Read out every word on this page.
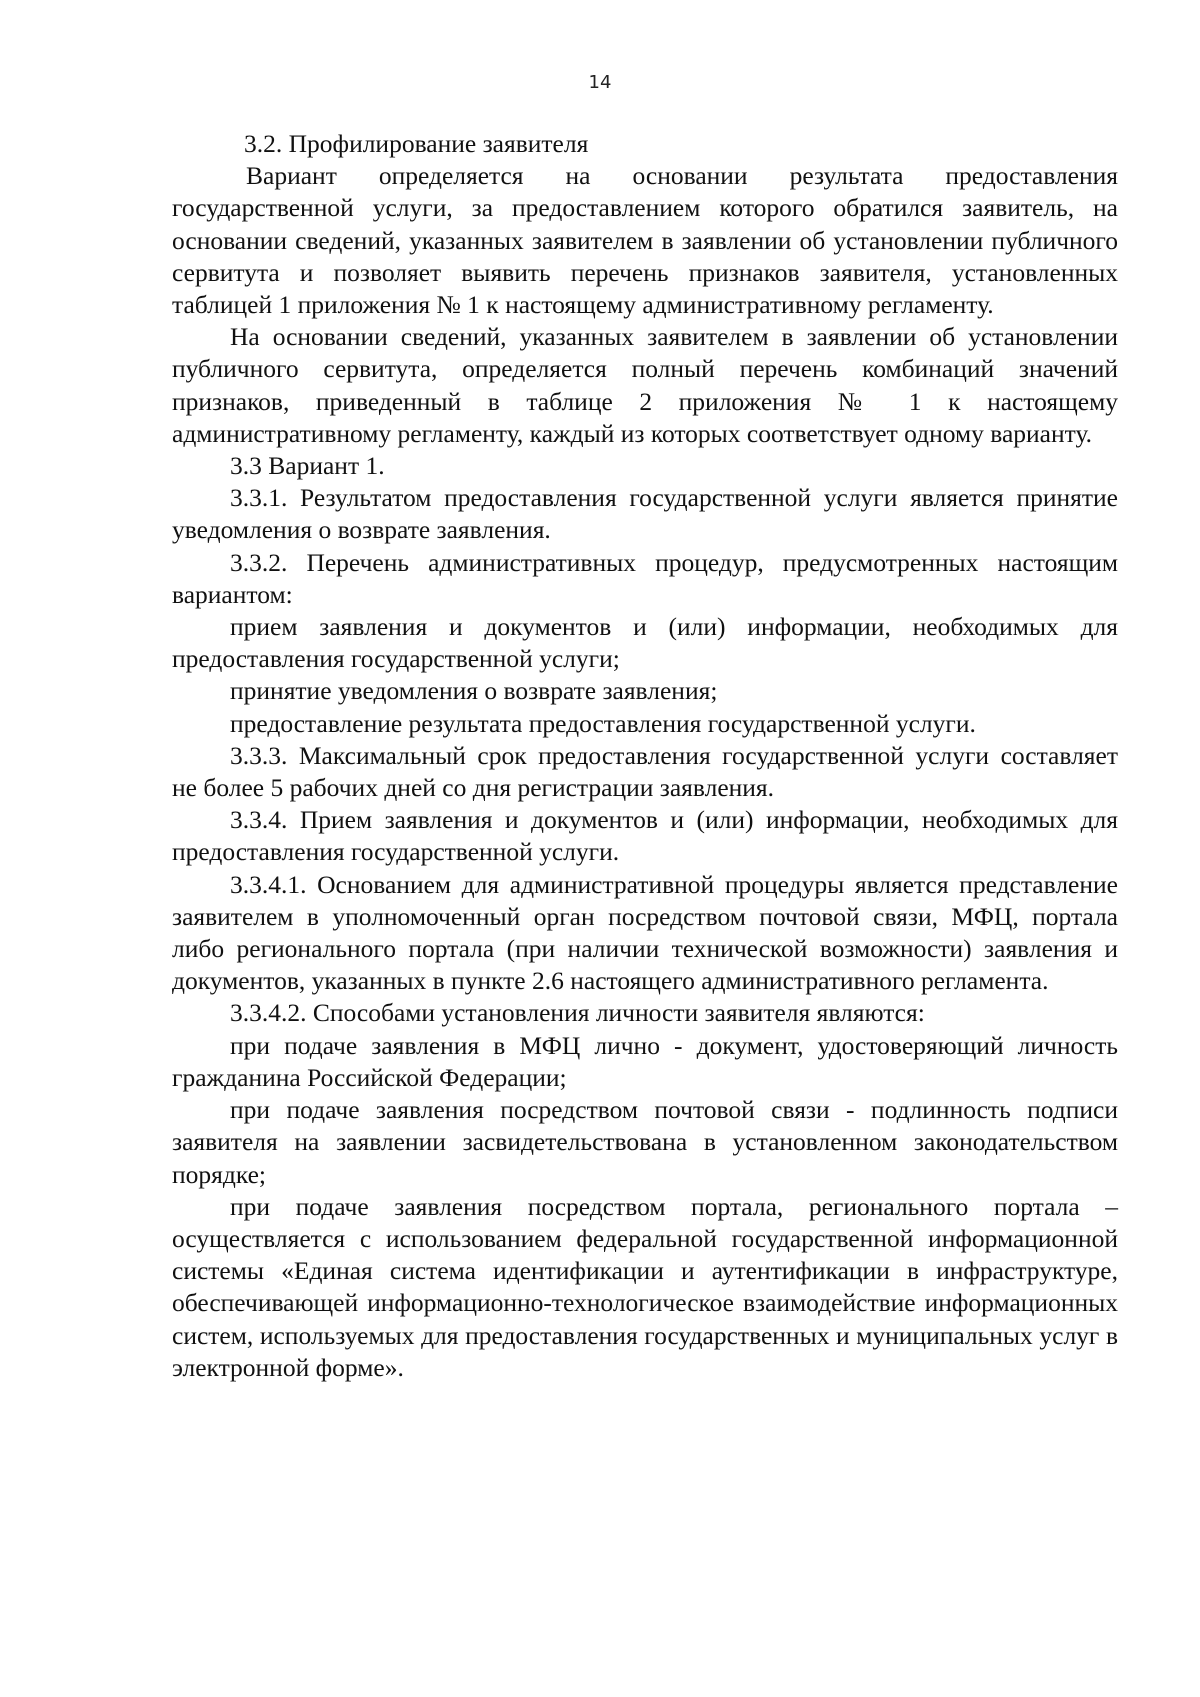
14

3.2. Профилирование заявителя

Вариант определяется на основании результата предоставления государственной услуги, за предоставлением которого обратился заявитель, на основании сведений, указанных заявителем в заявлении об установлении публичного сервитута и позволяет выявить перечень признаков заявителя, установленных таблицей 1 приложения № 1 к настоящему административному регламенту.

На основании сведений, указанных заявителем в заявлении об установлении публичного сервитута, определяется полный перечень комбинаций значений признаков, приведенный в таблице 2 приложения № 1 к настоящему административному регламенту, каждый из которых соответствует одному варианту.

3.3 Вариант 1.

3.3.1. Результатом предоставления государственной услуги является принятие уведомления о возврате заявления.

3.3.2. Перечень административных процедур, предусмотренных настоящим вариантом:

прием заявления и документов и (или) информации, необходимых для предоставления государственной услуги;

принятие уведомления о возврате заявления;

предоставление результата предоставления государственной услуги.

3.3.3. Максимальный срок предоставления государственной услуги составляет не более 5 рабочих дней со дня регистрации заявления.

3.3.4. Прием заявления и документов и (или) информации, необходимых для предоставления государственной услуги.

3.3.4.1. Основанием для административной процедуры является представление заявителем в уполномоченный орган посредством почтовой связи, МФЦ, портала либо регионального портала (при наличии технической возможности) заявления и документов, указанных в пункте 2.6 настоящего административного регламента.

3.3.4.2. Способами установления личности заявителя являются:

при подаче заявления в МФЦ лично - документ, удостоверяющий личность гражданина Российской Федерации;

при подаче заявления посредством почтовой связи - подлинность подписи заявителя на заявлении засвидетельствована в установленном законодательством порядке;

при подаче заявления посредством портала, регионального портала – осуществляется с использованием федеральной государственной информационной системы «Единая система идентификации и аутентификации в инфраструктуре, обеспечивающей информационно-технологическое взаимодействие информационных систем, используемых для предоставления государственных и муниципальных услуг в электронной форме».
